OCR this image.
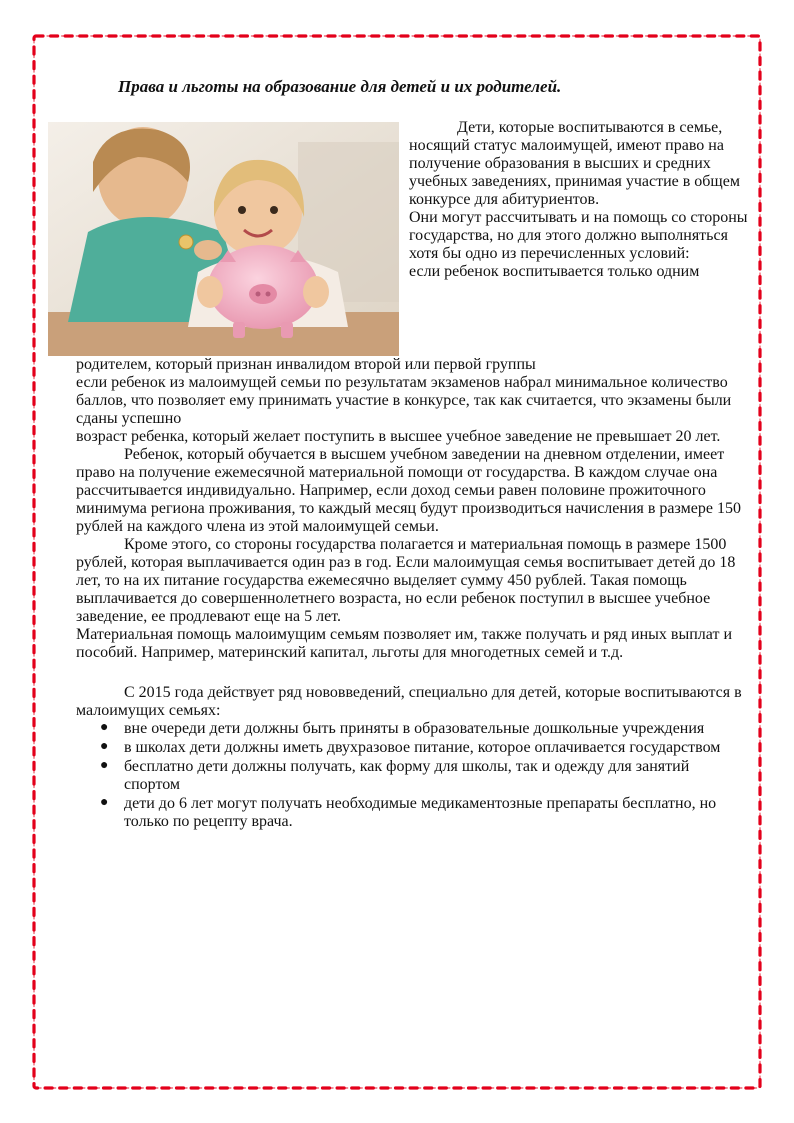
Права и льготы на образование для детей и их родителей.

Дети, которые воспитываются в семье, носящий статус малоимущей, имеют право на получение образования в высших и средних учебных заведениях, принимая участие в общем конкурсе для абитуриентов.

Они могут рассчитывать и на помощь со стороны государства, но для этого должно выполняться хотя бы одно из перечисленных условий:

если ребенок воспитывается только одним

родителем, который признан инвалидом второй или первой группы

если ребенок из малоимущей семьи по результатам экзаменов набрал минимальное количество баллов, что позволяет ему принимать участие в конкурсе, так как считается, что экзамены были сданы успешно

возраст ребенка, который желает поступить в высшее учебное заведение не превышает 20 лет.

Ребенок, который обучается в высшем учебном заведении на дневном отделении, имеет право на получение ежемесячной материальной помощи от государства. В каждом случае она рассчитывается индивидуально. Например, если доход семьи равен половине прожиточного минимума региона проживания, то каждый месяц будут производиться начисления в размере 150 рублей на каждого члена из этой малоимущей семьи.

Кроме этого, со стороны государства полагается и материальная помощь в размере 1500 рублей, которая выплачивается один раз в год. Если малоимущая семья воспитывает детей до 18 лет, то на их питание государства ежемесячно выделяет сумму 450 рублей. Такая помощь выплачивается до совершеннолетнего возраста, но если ребенок поступил в высшее учебное заведение, ее продлевают еще на 5 лет.

Материальная помощь малоимущим семьям позволяет им, также получать и ряд иных выплат и пособий. Например, материнский капитал, льготы для многодетных семей и т.д.

С 2015 года действует ряд нововведений, специально для детей, которые воспитываются в малоимущих семьях:

● вне очереди дети должны быть приняты в образовательные дошкольные учреждения
● в школах дети должны иметь двухразовое питание, которое оплачивается государством
● бесплатно дети должны получать, как форму для школы, так и одежду для занятий спортом
● дети до 6 лет могут получать необходимые медикаментозные препараты бесплатно, но только по рецепту врача.
